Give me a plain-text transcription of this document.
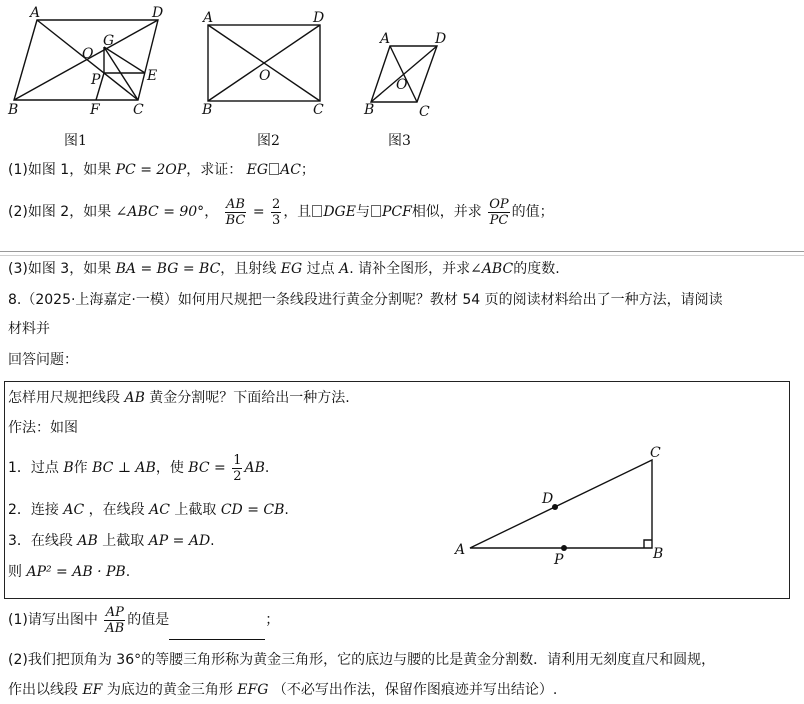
A	D
O
G
P	E
B	F C
图1
A	D
O
B	C
图2
A	D
O
B	C
图3
(1)如图 1，如果 PC = 2OP，求证： EG AC；
(2)如图 2，如果 ∠ABC = 90°， $\frac{AB}{BC} = \frac{2}{3}$ ，且 DGE与 PCF相似，并求 $\frac{OP}{PC}$ 的值；
(3)如图 3，如果 BA = BG = BC，且射线 EG 过点 A. 请补全图形，并求∠ABC的度数.
8.（2025·上海嘉定·一模）如何用尺规把一条线段进行黄金分割呢？教材 54 页的阅读材料给出了一种方法，请阅读
材料并
回答问题：
怎样用尺规把线段 AB 黄金分割呢？下面给出一种方法.
作法：如图
1．过点 B作 BC ⊥ AB，使 BC = $\frac{1}{2}$ AB.
2．连接 AC ，在线段 AC 上截取 CD = CB.
3．在线段 AB 上截取 AP = AD.
则 AP² = AB · PB.
C
D
A
P	B
(1)请写出图中 $\frac{AP}{AB}$ 的值是	；
(2)我们把顶角为 36°的等腰三角形称为黄金三角形，它的底边与腰的比是黄金分割数．请利用无刻度直尺和圆规，
作出以线段 EF 为底边的黄金三角形 EFG （不必写出作法，保留作图痕迹并写出结论）.
